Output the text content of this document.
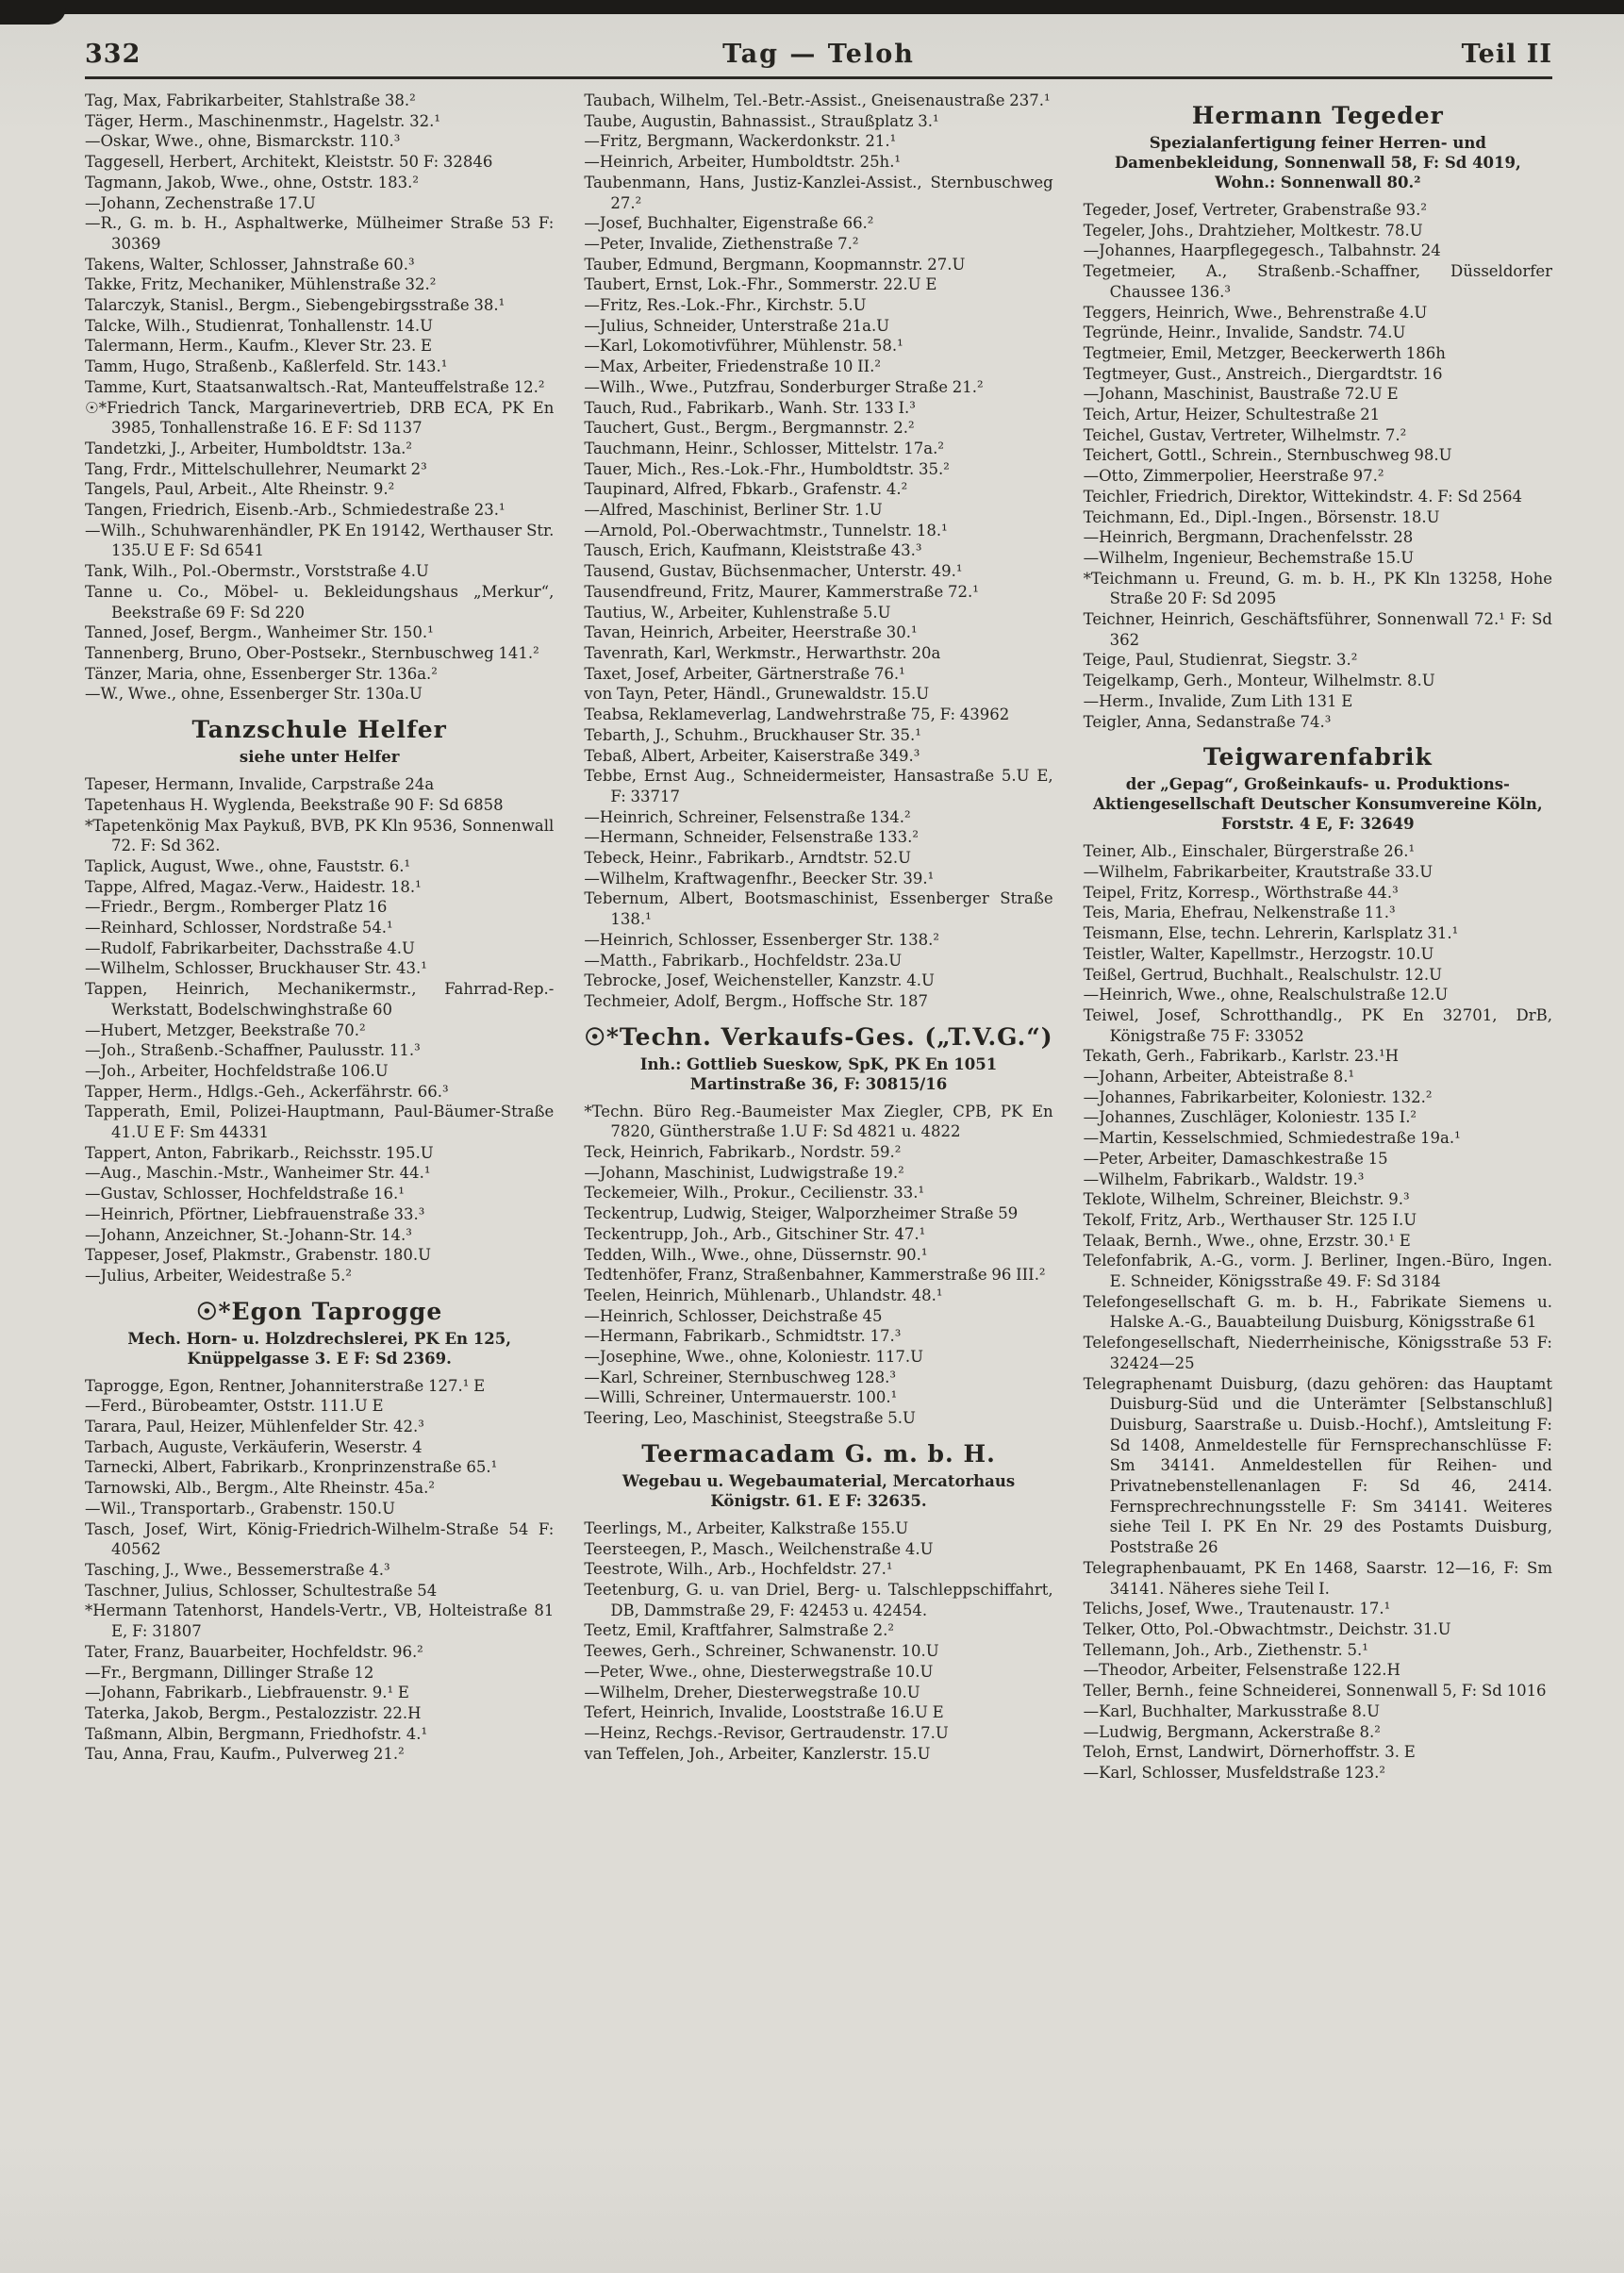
332	Tag — Teloh	Teil II

Tag, Max, Fabrikarbeiter, Stahlstraße 38.²

Täger, Herm., Maschinenmstr., Hagelstr. 32.¹

—Oskar, Wwe., ohne, Bismarckstr. 110.³

Taggesell, Herbert, Architekt, Kleiststr. 50 F: 32846

Tagmann, Jakob, Wwe., ohne, Oststr. 183.²

—Johann, Zechenstraße 17.U

—R., G. m. b. H., Asphaltwerke, Mülheimer Straße 53 F: 30369

Takens, Walter, Schlosser, Jahnstraße 60.³

Takke, Fritz, Mechaniker, Mühlenstraße 32.²

Talarczyk, Stanisl., Bergm., Siebengebirgsstraße 38.¹

Talcke, Wilh., Studienrat, Tonhallenstr. 14.U

Talermann, Herm., Kaufm., Klever Str. 23. E

Tamm, Hugo, Straßenb., Kaßlerfeld. Str. 143.¹

Tamme, Kurt, Staatsanwaltsch.-Rat, Manteuffelstraße 12.²

☉*Friedrich Tanck, Margarinevertrieb, DRB ECA, PK En 3985, Tonhallenstraße 16. E F: Sd 1137

Tandetzki, J., Arbeiter, Humboldtstr. 13a.²

Tang, Frdr., Mittelschullehrer, Neumarkt 2³

Tangels, Paul, Arbeit., Alte Rheinstr. 9.²

Tangen, Friedrich, Eisenb.-Arb., Schmiedestraße 23.¹

—Wilh., Schuhwarenhändler, PK En 19142, Werthauser Str. 135.U E F: Sd 6541

Tank, Wilh., Pol.-Obermstr., Vorststraße 4.U

Tanne u. Co., Möbel- u. Bekleidungshaus „Merkur“, Beekstraße 69 F: Sd 220

Tanned, Josef, Bergm., Wanheimer Str. 150.¹

Tannenberg, Bruno, Ober-Postsekr., Sternbuschweg 141.²

Tänzer, Maria, ohne, Essenberger Str. 136a.²

—W., Wwe., ohne, Essenberger Str. 130a.U

Tanzschule Helfer
siehe unter Helfer

Tapeser, Hermann, Invalide, Carpstraße 24a

Tapetenhaus H. Wyglenda, Beekstraße 90 F: Sd 6858

*Tapetenkönig Max Paykuß, BVB, PK Kln 9536, Sonnenwall 72. F: Sd 362.

Taplick, August, Wwe., ohne, Fauststr. 6.¹

Tappe, Alfred, Magaz.-Verw., Haidestr. 18.¹

—Friedr., Bergm., Romberger Platz 16

—Reinhard, Schlosser, Nordstraße 54.¹

—Rudolf, Fabrikarbeiter, Dachsstraße 4.U

—Wilhelm, Schlosser, Bruckhauser Str. 43.¹

Tappen, Heinrich, Mechanikermstr., Fahrrad-Rep.-Werkstatt, Bodelschwinghstraße 60

—Hubert, Metzger, Beekstraße 70.²

—Joh., Straßenb.-Schaffner, Paulusstr. 11.³

—Joh., Arbeiter, Hochfeldstraße 106.U

Tapper, Herm., Hdlgs.-Geh., Ackerfährstr. 66.³

Tapperath, Emil, Polizei-Hauptmann, Paul-Bäumer-Straße 41.U E F: Sm 44331

Tappert, Anton, Fabrikarb., Reichsstr. 195.U

—Aug., Maschin.-Mstr., Wanheimer Str. 44.¹

—Gustav, Schlosser, Hochfeldstraße 16.¹

—Heinrich, Pförtner, Liebfrauenstraße 33.³

—Johann, Anzeichner, St.-Johann-Str. 14.³

Tappeser, Josef, Plakmstr., Grabenstr. 180.U

—Julius, Arbeiter, Weidestraße 5.²

☉*Egon Taprogge
Mech. Horn- u. Holzdrechslerei, PK En 125, Knüppelgasse 3. E F: Sd 2369.

Taprogge, Egon, Rentner, Johanniterstraße 127.¹ E

—Ferd., Bürobeamter, Oststr. 111.U E

Tarara, Paul, Heizer, Mühlenfelder Str. 42.³

Tarbach, Auguste, Verkäuferin, Weserstr. 4

Tarnecki, Albert, Fabrikarb., Kronprinzenstraße 65.¹

Tarnowski, Alb., Bergm., Alte Rheinstr. 45a.²

—Wil., Transportarb., Grabenstr. 150.U

Tasch, Josef, Wirt, König-Friedrich-Wilhelm-Straße 54 F: 40562

Tasching, J., Wwe., Bessemerstraße 4.³

Taschner, Julius, Schlosser, Schultestraße 54

*Hermann Tatenhorst, Handels-Vertr., VB, Holteistraße 81 E, F: 31807

Tater, Franz, Bauarbeiter, Hochfeldstr. 96.²

—Fr., Bergmann, Dillinger Straße 12

—Johann, Fabrikarb., Liebfrauenstr. 9.¹ E

Taterka, Jakob, Bergm., Pestalozzistr. 22.H

Taßmann, Albin, Bergmann, Friedhofstr. 4.¹

Tau, Anna, Frau, Kaufm., Pulverweg 21.²

Taubach, Wilhelm, Tel.-Betr.-Assist., Gneisenaustraße 237.¹

Taube, Augustin, Bahnassist., Straußplatz 3.¹

—Fritz, Bergmann, Wackerdonkstr. 21.¹

—Heinrich, Arbeiter, Humboldtstr. 25h.¹

Taubenmann, Hans, Justiz-Kanzlei-Assist., Sternbuschweg 27.²

—Josef, Buchhalter, Eigenstraße 66.²

—Peter, Invalide, Ziethenstraße 7.²

Tauber, Edmund, Bergmann, Koopmannstr. 27.U

Taubert, Ernst, Lok.-Fhr., Sommerstr. 22.U E

—Fritz, Res.-Lok.-Fhr., Kirchstr. 5.U

—Julius, Schneider, Unterstraße 21a.U

—Karl, Lokomotivführer, Mühlenstr. 58.¹

—Max, Arbeiter, Friedenstraße 10 II.²

—Wilh., Wwe., Putzfrau, Sonderburger Straße 21.²

Tauch, Rud., Fabrikarb., Wanh. Str. 133 I.³

Tauchert, Gust., Bergm., Bergmannstr. 2.²

Tauchmann, Heinr., Schlosser, Mittelstr. 17a.²

Tauer, Mich., Res.-Lok.-Fhr., Humboldtstr. 35.²

Taupinard, Alfred, Fbkarb., Grafenstr. 4.²

—Alfred, Maschinist, Berliner Str. 1.U

—Arnold, Pol.-Oberwachtmstr., Tunnelstr. 18.¹

Tausch, Erich, Kaufmann, Kleiststraße 43.³

Tausend, Gustav, Büchsenmacher, Unterstr. 49.¹

Tausendfreund, Fritz, Maurer, Kammerstraße 72.¹

Tautius, W., Arbeiter, Kuhlenstraße 5.U

Tavan, Heinrich, Arbeiter, Heerstraße 30.¹

Tavenrath, Karl, Werkmstr., Herwarthstr. 20a

Taxet, Josef, Arbeiter, Gärtnerstraße 76.¹

von Tayn, Peter, Händl., Grunewaldstr. 15.U

Teabsa, Reklameverlag, Landwehrstraße 75, F: 43962

Tebarth, J., Schuhm., Bruckhauser Str. 35.¹

Tebaß, Albert, Arbeiter, Kaiserstraße 349.³

Tebbe, Ernst Aug., Schneidermeister, Hansastraße 5.U E, F: 33717

—Heinrich, Schreiner, Felsenstraße 134.²

—Hermann, Schneider, Felsenstraße 133.²

Tebeck, Heinr., Fabrikarb., Arndtstr. 52.U

—Wilhelm, Kraftwagenfhr., Beecker Str. 39.¹

Tebernum, Albert, Bootsmaschinist, Essenberger Straße 138.¹

—Heinrich, Schlosser, Essenberger Str. 138.²

—Matth., Fabrikarb., Hochfeldstr. 23a.U

Tebrocke, Josef, Weichensteller, Kanzstr. 4.U

Techmeier, Adolf, Bergm., Hoffsche Str. 187

☉*Techn. Verkaufs-Ges. („T.V.G.“)
Inh.: Gottlieb Sueskow, SpK, PK En 1051 Martinstraße 36, F: 30815/16

*Techn. Büro Reg.-Baumeister Max Ziegler, CPB, PK En 7820, Güntherstraße 1.U F: Sd 4821 u. 4822

Teck, Heinrich, Fabrikarb., Nordstr. 59.²

—Johann, Maschinist, Ludwigstraße 19.²

Teckemeier, Wilh., Prokur., Cecilienstr. 33.¹

Teckentrup, Ludwig, Steiger, Walporzheimer Straße 59

Teckentrupp, Joh., Arb., Gitschiner Str. 47.¹

Tedden, Wilh., Wwe., ohne, Düssernstr. 90.¹

Tedtenhöfer, Franz, Straßenbahner, Kammerstraße 96 III.²

Teelen, Heinrich, Mühlenarb., Uhlandstr. 48.¹

—Heinrich, Schlosser, Deichstraße 45

—Hermann, Fabrikarb., Schmidtstr. 17.³

—Josephine, Wwe., ohne, Koloniestr. 117.U

—Karl, Schreiner, Sternbuschweg 128.³

—Willi, Schreiner, Untermauerstr. 100.¹

Teering, Leo, Maschinist, Steegstraße 5.U

Teermacadam G. m. b. H.
Wegebau u. Wegebaumaterial, Mercatorhaus Königstr. 61. E F: 32635.

Teerlings, M., Arbeiter, Kalkstraße 155.U

Teersteegen, P., Masch., Weilchenstraße 4.U

Teestrote, Wilh., Arb., Hochfeldstr. 27.¹

Teetenburg, G. u. van Driel, Berg- u. Talschleppschiffahrt, DB, Dammstraße 29, F: 42453 u. 42454.

Teetz, Emil, Kraftfahrer, Salmstraße 2.²

Teewes, Gerh., Schreiner, Schwanenstr. 10.U

—Peter, Wwe., ohne, Diesterwegstraße 10.U

—Wilhelm, Dreher, Diesterwegstraße 10.U

Tefert, Heinrich, Invalide, Looststraße 16.U E

—Heinz, Rechgs.-Revisor, Gertraudenstr. 17.U

van Teffelen, Joh., Arbeiter, Kanzlerstr. 15.U

Hermann Tegeder
Spezialanfertigung feiner Herren- und Damenbekleidung, Sonnenwall 58, F: Sd 4019, Wohn.: Sonnenwall 80.²

Tegeder, Josef, Vertreter, Grabenstraße 93.²

Tegeler, Johs., Drahtzieher, Moltkestr. 78.U

—Johannes, Haarpflegegesch., Talbahnstr. 24

Tegetmeier, A., Straßenb.-Schaffner, Düsseldorfer Chaussee 136.³

Teggers, Heinrich, Wwe., Behrenstraße 4.U

Tegründe, Heinr., Invalide, Sandstr. 74.U

Tegtmeier, Emil, Metzger, Beeckerwerth 186h

Tegtmeyer, Gust., Anstreich., Diergardtstr. 16

—Johann, Maschinist, Baustraße 72.U E

Teich, Artur, Heizer, Schultestraße 21

Teichel, Gustav, Vertreter, Wilhelmstr. 7.²

Teichert, Gottl., Schrein., Sternbuschweg 98.U

—Otto, Zimmerpolier, Heerstraße 97.²

Teichler, Friedrich, Direktor, Wittekindstr. 4. F: Sd 2564

Teichmann, Ed., Dipl.-Ingen., Börsenstr. 18.U

—Heinrich, Bergmann, Drachenfelsstr. 28

—Wilhelm, Ingenieur, Bechemstraße 15.U

*Teichmann u. Freund, G. m. b. H., PK Kln 13258, Hohe Straße 20 F: Sd 2095

Teichner, Heinrich, Geschäftsführer, Sonnenwall 72.¹ F: Sd 362

Teige, Paul, Studienrat, Siegstr. 3.²

Teigelkamp, Gerh., Monteur, Wilhelmstr. 8.U

—Herm., Invalide, Zum Lith 131 E

Teigler, Anna, Sedanstraße 74.³

Teigwarenfabrik
der „Gepag“, Großeinkaufs- u. Produktions-Aktiengesellschaft Deutscher Konsumvereine Köln, Forststr. 4 E, F: 32649

Teiner, Alb., Einschaler, Bürgerstraße 26.¹

—Wilhelm, Fabrikarbeiter, Krautstraße 33.U

Teipel, Fritz, Korresp., Wörthstraße 44.³

Teis, Maria, Ehefrau, Nelkenstraße 11.³

Teismann, Else, techn. Lehrerin, Karlsplatz 31.¹

Teistler, Walter, Kapellmstr., Herzogstr. 10.U

Teißel, Gertrud, Buchhalt., Realschulstr. 12.U

—Heinrich, Wwe., ohne, Realschulstraße 12.U

Teiwel, Josef, Schrotthandlg., PK En 32701, DrB, Königstraße 75 F: 33052

Tekath, Gerh., Fabrikarb., Karlstr. 23.¹H

—Johann, Arbeiter, Abteistraße 8.¹

—Johannes, Fabrikarbeiter, Koloniestr. 132.²

—Johannes, Zuschläger, Koloniestr. 135 I.²

—Martin, Kesselschmied, Schmiedestraße 19a.¹

—Peter, Arbeiter, Damaschkestraße 15

—Wilhelm, Fabrikarb., Waldstr. 19.³

Teklote, Wilhelm, Schreiner, Bleichstr. 9.³

Tekolf, Fritz, Arb., Werthauser Str. 125 I.U

Telaak, Bernh., Wwe., ohne, Erzstr. 30.¹ E

Telefonfabrik, A.-G., vorm. J. Berliner, Ingen.-Büro, Ingen. E. Schneider, Königsstraße 49. F: Sd 3184

Telefongesellschaft G. m. b. H., Fabrikate Siemens u. Halske A.-G., Bauabteilung Duisburg, Königsstraße 61

Telefongesellschaft, Niederrheinische, Königsstraße 53 F: 32424—25

Telegraphenamt Duisburg, (dazu gehören: das Hauptamt Duisburg-Süd und die Unterämter [Selbstanschluß] Duisburg, Saarstraße u. Duisb.-Hochf.), Amtsleitung F: Sd 1408, Anmeldestelle für Fernsprechanschlüsse F: Sm 34141. Anmeldestellen für Reihen- und Privatnebenstellenanlagen F: Sd 46, 2414. Fernsprechrechnungsstelle F: Sm 34141. Weiteres siehe Teil I. PK En Nr. 29 des Postamts Duisburg, Poststraße 26

Telegraphenbauamt, PK En 1468, Saarstr. 12—16, F: Sm 34141. Näheres siehe Teil I.

Telichs, Josef, Wwe., Trautenaustr. 17.¹

Telker, Otto, Pol.-Obwachtmstr., Deichstr. 31.U

Tellemann, Joh., Arb., Ziethenstr. 5.¹

—Theodor, Arbeiter, Felsenstraße 122.H

Teller, Bernh., feine Schneiderei, Sonnenwall 5, F: Sd 1016

—Karl, Buchhalter, Markusstraße 8.U

—Ludwig, Bergmann, Ackerstraße 8.²

Teloh, Ernst, Landwirt, Dörnerhoffstr. 3. E

—Karl, Schlosser, Musfeldstraße 123.²
